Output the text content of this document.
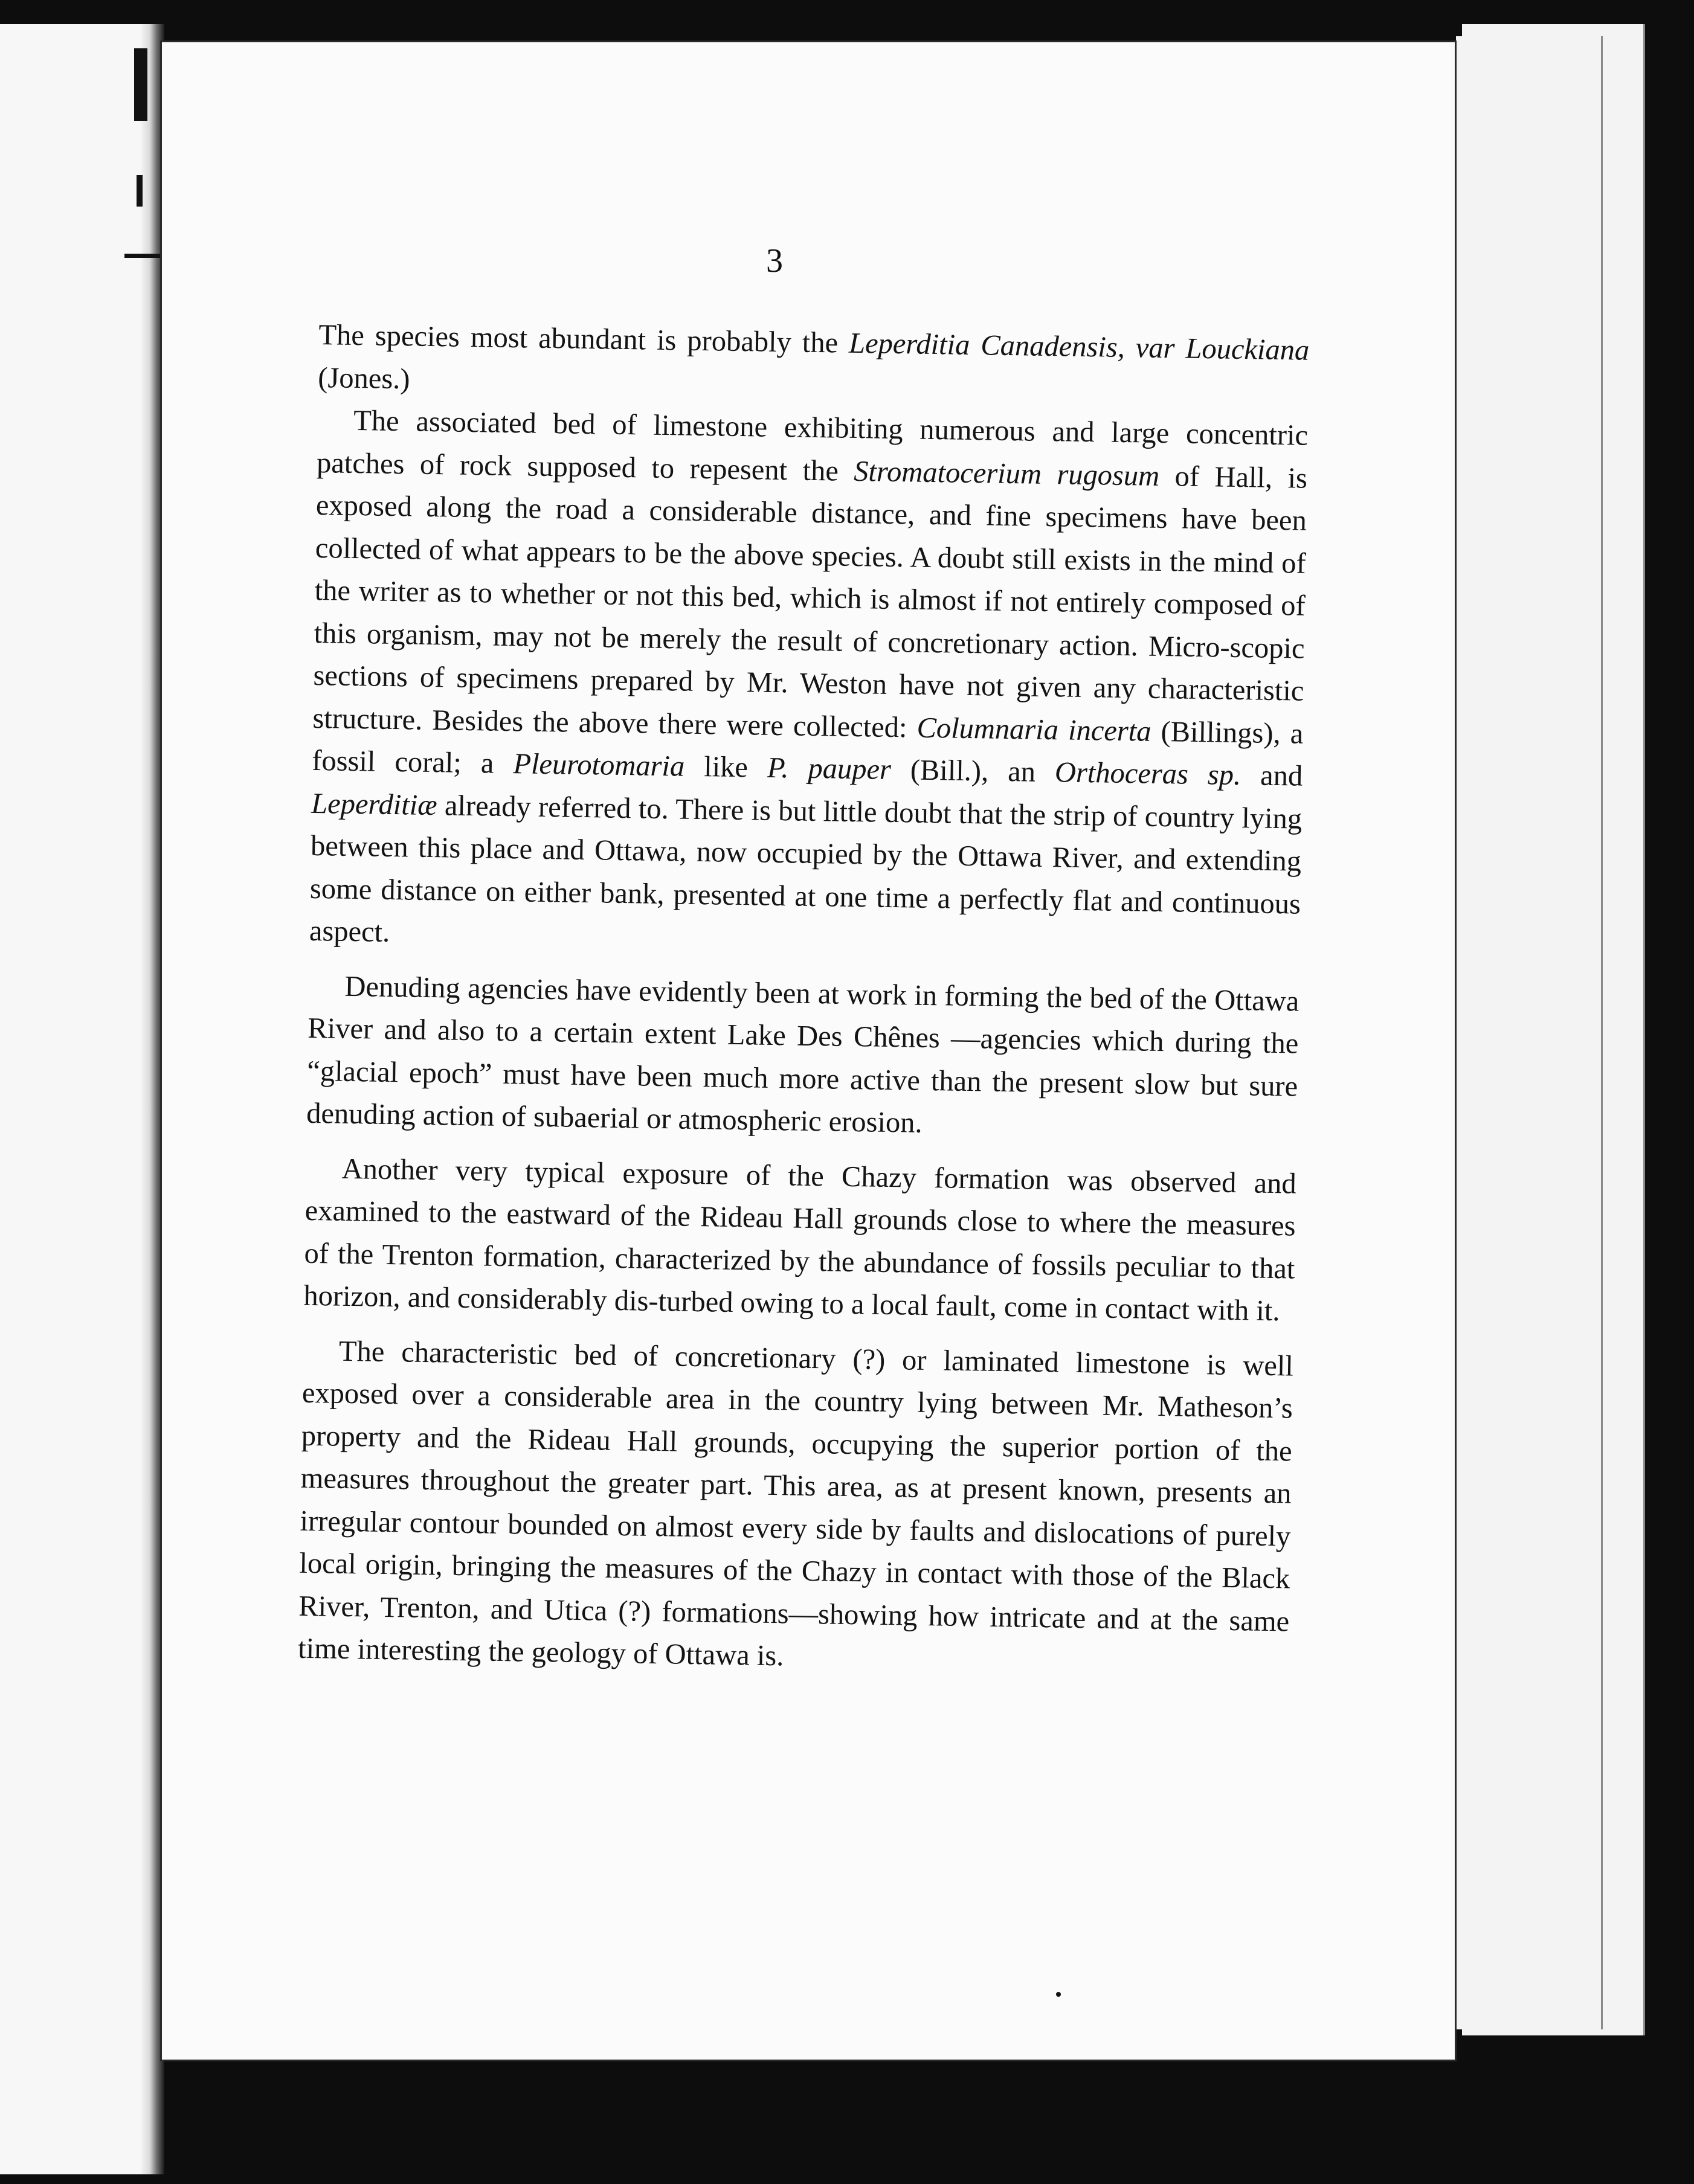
3

The species most abundant is probably the Leperditia Canadensis, var Louckiana (Jones.)

The associated bed of limestone exhibiting numerous and large concentric patches of rock supposed to repesent the Stromatocerium rugosum of Hall, is exposed along the road a considerable distance, and fine specimens have been collected of what appears to be the above species. A doubt still exists in the mind of the writer as to whether or not this bed, which is almost if not entirely composed of this organism, may not be merely the result of concretionary action. Micro-scopic sections of specimens prepared by Mr. Weston have not given any characteristic structure. Besides the above there were collected: Columnaria incerta (Billings), a fossil coral; a Pleurotomaria like P. pauper (Bill.), an Orthoceras sp. and Leperditiæ already referred to. There is but little doubt that the strip of country lying between this place and Ottawa, now occupied by the Ottawa River, and extending some distance on either bank, presented at one time a perfectly flat and continuous aspect.

Denuding agencies have evidently been at work in forming the bed of the Ottawa River and also to a certain extent Lake Des Chênes —agencies which during the “glacial epoch” must have been much more active than the present slow but sure denuding action of subaerial or atmospheric erosion.

Another very typical exposure of the Chazy formation was observed and examined to the eastward of the Rideau Hall grounds close to where the measures of the Trenton formation, characterized by the abundance of fossils peculiar to that horizon, and considerably dis-turbed owing to a local fault, come in contact with it.

The characteristic bed of concretionary (?) or laminated limestone is well exposed over a considerable area in the country lying between Mr. Matheson’s property and the Rideau Hall grounds, occupying the superior portion of the measures throughout the greater part. This area, as at present known, presents an irregular contour bounded on almost every side by faults and dislocations of purely local origin, bringing the measures of the Chazy in contact with those of the Black River, Trenton, and Utica (?) formations—showing how intricate and at the same time interesting the geology of Ottawa is.
